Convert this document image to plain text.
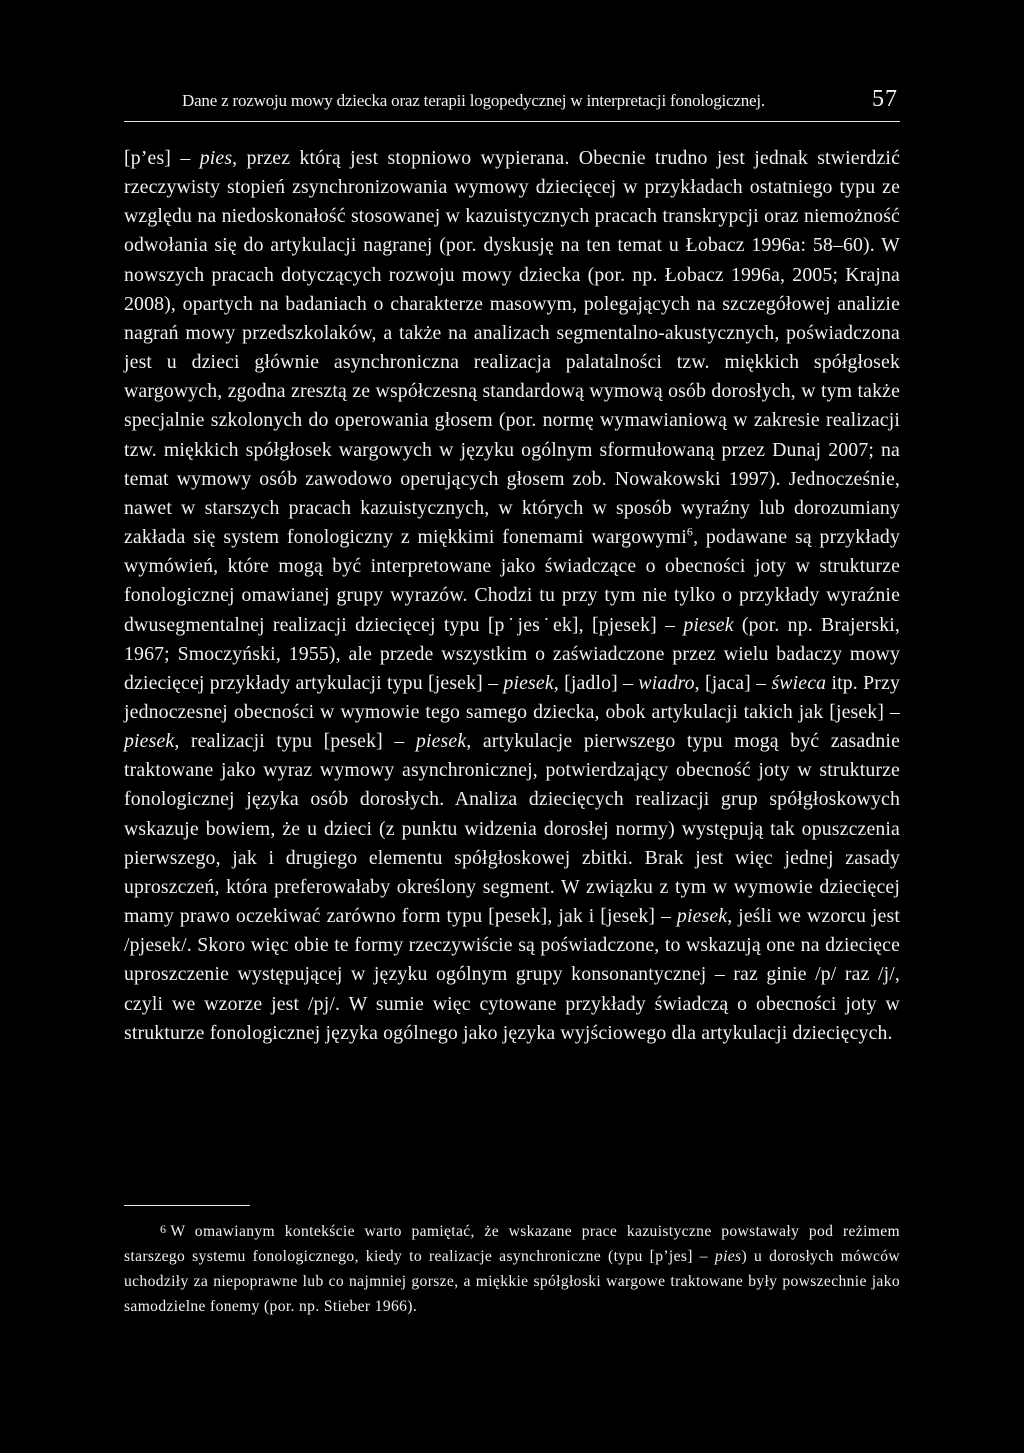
Dane z rozwoju mowy dziecka oraz terapii logopedycznej w interpretacji fonologicznej.	57

[p’es] – pies, przez którą jest stopniowo wypierana. Obecnie trudno jest jednak stwierdzić rzeczywisty stopień zsynchronizowania wymowy dziecięcej w przykładach ostatniego typu ze względu na niedoskonałość stosowanej w kazuistycznych pracach transkrypcji oraz niemożność odwołania się do artykulacji nagranej (por. dyskusję na ten temat u Łobacz 1996a: 58–60). W nowszych pracach dotyczących rozwoju mowy dziecka (por. np. Łobacz 1996a, 2005; Krajna 2008), opartych na badaniach o charakterze masowym, polegających na szczegółowej analizie nagrań mowy przedszkolaków, a także na analizach segmentalno-akustycznych, poświadczona jest u dzieci głównie asynchroniczna realizacja palatalności tzw. miękkich spółgłosek wargowych, zgodna zresztą ze współczesną standardową wymową osób dorosłych, w tym także specjalnie szkolonych do operowania głosem (por. normę wymawianiową w zakresie realizacji tzw. miękkich spółgłosek wargowych w języku ogólnym sformułowaną przez Dunaj 2007; na temat wymowy osób zawodowo operujących głosem zob. Nowakowski 1997). Jednocześnie, nawet w starszych pracach kazuistycznych, w których w sposób wyraźny lub dorozumiany zakłada się system fonologiczny z miękkimi fonemami wargowymi$^6$, podawane są przykłady wymówień, które mogą być interpretowane jako świadczące o obecności joty w strukturze fonologicznej omawianej grupy wyrazów. Chodzi tu przy tym nie tylko o przykłady wyraźnie dwusegmentalnej realizacji dziecięcej typu [p˙jes˙ek], [pjesek] – piesek (por. np. Brajerski, 1967; Smoczyński, 1955), ale przede wszystkim o zaświadczone przez wielu badaczy mowy dziecięcej przykłady artykulacji typu [jesek] – piesek, [jadlo] – wiadro, [jaca] – świeca itp. Przy jednoczesnej obecności w wymowie tego samego dziecka, obok artykulacji takich jak [jesek] – piesek, realizacji typu [pesek] – piesek, artykulacje pierwszego typu mogą być zasadnie traktowane jako wyraz wymowy asynchronicznej, potwierdzający obecność joty w strukturze fonologicznej języka osób dorosłych. Analiza dziecięcych realizacji grup spółgłoskowych wskazuje bowiem, że u dzieci (z punktu widzenia dorosłej normy) występują tak opuszczenia pierwszego, jak i drugiego elementu spółgłoskowej zbitki. Brak jest więc jednej zasady uproszczeń, która preferowałaby określony segment. W związku z tym w wymowie dziecięcej mamy prawo oczekiwać zarówno form typu [pesek], jak i [jesek] – piesek, jeśli we wzorcu jest /pjesek/. Skoro więc obie te formy rzeczywiście są poświadczone, to wskazują one na dziecięce uproszczenie występującej w języku ogólnym grupy konsonantycznej – raz ginie /p/ raz /j/, czyli we wzorze jest /pj/. W sumie więc cytowane przykłady świadczą o obecności joty w strukturze fonologicznej języka ogólnego jako języka wyjściowego dla artykulacji dziecięcych.

6 W omawianym kontekście warto pamiętać, że wskazane prace kazuistyczne powstawały pod reżimem starszego systemu fonologicznego, kiedy to realizacje asynchroniczne (typu [p’jes] – pies) u dorosłych mówców uchodziły za niepoprawne lub co najmniej gorsze, a miękkie spółgłoski wargowe traktowane były powszechnie jako samodzielne fonemy (por. np. Stieber 1966).
